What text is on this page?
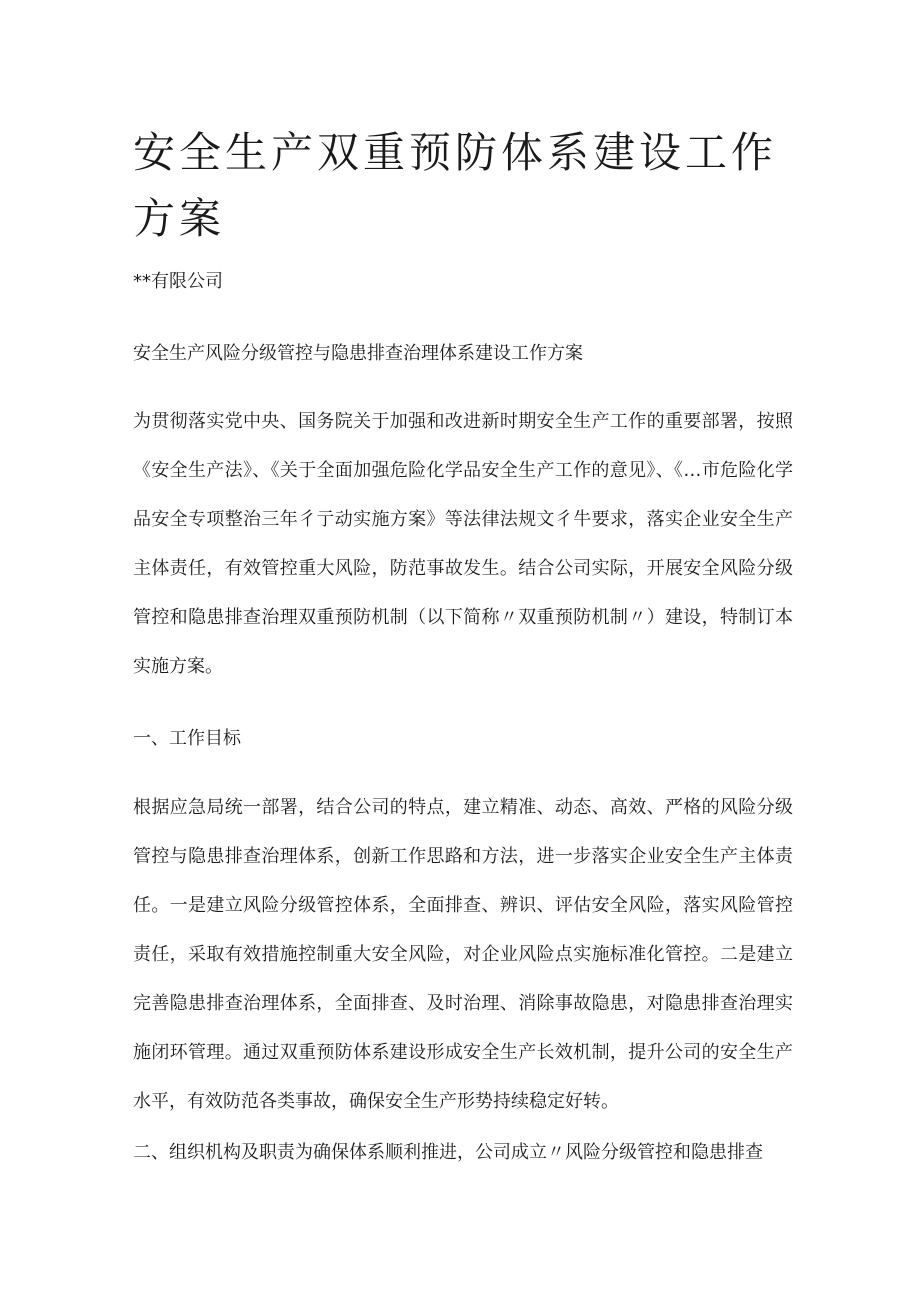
安全生产双重预防体系建设工作方案

**有限公司

安全生产风险分级管控与隐患排查治理体系建设工作方案

为贯彻落实党中央、国务院关于加强和改进新时期安全生产工作的重要部署，按照《安全生产法》、《关于全面加强危险化学品安全生产工作的意见》、《…市危险化学品安全专项整治三年彳亍动实施方案》等法律法规文彳牛要求，落实企业安全生产主体责任，有效管控重大风险，防范事故发生。结合公司实际，开展安全风险分级管控和隐患排查治理双重预防机制（以下简称〃双重预防机制〃）建设，特制订本实施方案。

一、工作目标

根据应急局统一部署，结合公司的特点，建立精准、动态、高效、严格的风险分级管控与隐患排查治理体系，创新工作思路和方法，进一步落实企业安全生产主体责任。一是建立风险分级管控体系，全面排查、辨识、评估安全风险，落实风险管控责任，采取有效措施控制重大安全风险，对企业风险点实施标准化管控。二是建立完善隐患排查治理体系，全面排查、及时治理、消除事故隐患，对隐患排查治理实施闭环管理。通过双重预防体系建设形成安全生产长效机制，提升公司的安全生产水平，有效防范各类事故，确保安全生产形势持续稳定好转。

二、组织机构及职责为确保体系顺利推进，公司成立〃风险分级管控和隐患排查
